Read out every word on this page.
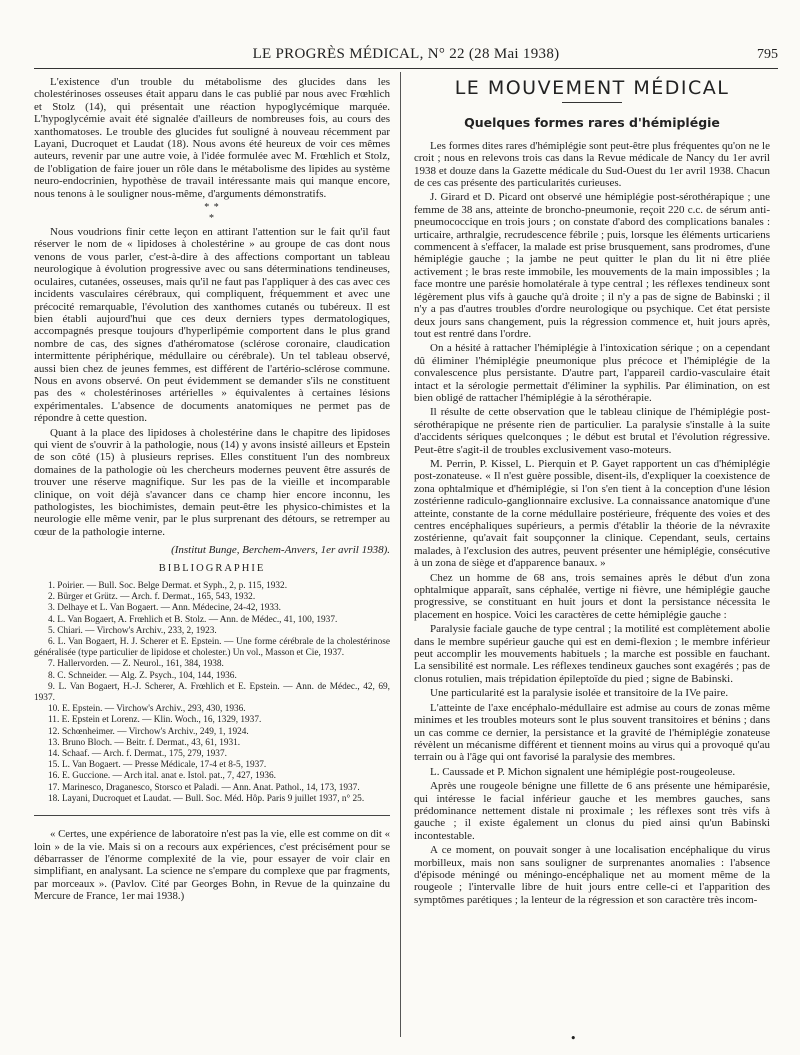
LE PROGRÈS MÉDICAL, N° 22 (28 Mai 1938)	795

L'existence d'un trouble du métabolisme des glucides dans les cholestérinoses osseuses était apparu dans le cas publié par nous avec Frœhlich et Stolz (14), qui présentait une réaction hypoglycémique marquée. L'hypoglycémie avait été signalée d'ailleurs de nombreuses fois, au cours des xanthomatoses. Le trouble des glucides fut souligné à nouveau récemment par Layani, Ducroquet et Laudat (18). Nous avons été heureux de voir ces mêmes auteurs, revenir par une autre voie, à l'idée formulée avec M. Frœhlich et Stolz, de l'obligation de faire jouer un rôle dans le métabolisme des lipides au système neuro-endocrinien, hypothèse de travail intéressante mais qui manque encore, nous tenons à le souligner nous-même, d'arguments démonstratifs.

* *
*

Nous voudrions finir cette leçon en attirant l'attention sur le fait qu'il faut réserver le nom de « lipidoses à cholestérine » au groupe de cas dont nous venons de vous parler, c'est-à-dire à des affections comportant un tableau neurologique à évolution progressive avec ou sans déterminations tendineuses, oculaires, cutanées, osseuses, mais qu'il ne faut pas l'appliquer à des cas avec ces incidents vasculaires cérébraux, qui compliquent, fréquemment et avec une précocité remarquable, l'évolution des xanthomes cutanés ou tubéreux. Il est bien établi aujourd'hui que ces deux derniers types dermatologiques, accompagnés presque toujours d'hyperlipémie comportent dans le plus grand nombre de cas, des signes d'athéromatose (sclérose coronaire, claudication intermittente périphérique, médullaire ou cérébrale). Un tel tableau observé, aussi bien chez de jeunes femmes, est différent de l'artério-sclérose commune. Nous en avons observé. On peut évidemment se demander s'ils ne constituent pas des « cholestérinoses artérielles » équivalentes à certaines lésions expérimentales. L'absence de documents anatomiques ne permet pas de répondre à cette question.

Quant à la place des lipidoses à cholestérine dans le chapitre des lipidoses qui vient de s'ouvrir à la pathologie, nous (14) y avons insisté ailleurs et Epstein de son côté (15) à plusieurs reprises. Elles constituent l'un des nombreux domaines de la pathologie où les chercheurs modernes peuvent être assurés de trouver une réserve magnifique. Sur les pas de la vieille et incomparable clinique, on voit déjà s'avancer dans ce champ hier encore inconnu, les pathologistes, les biochimistes, demain peut-être les physico-chimistes et la neurologie elle même venir, par le plus surprenant des détours, se retremper au cœur de la pathologie interne.

(Institut Bunge, Berchem-Anvers, 1er avril 1938).
BIBLIOGRAPHIE
1. Poirier. — Bull. Soc. Belge Dermat. et Syph., 2, p. 115, 1932.
2. Bürger et Grütz. — Arch. f. Dermat., 165, 543, 1932.
3. Delhaye et L. Van Bogaert. — Ann. Médecine, 24-42, 1933.
4. L. Van Bogaert, A. Frœhlich et B. Stolz. — Ann. de Médec., 41, 100, 1937.
5. Chiari. — Virchow's Archiv., 233, 2, 1923.
6. L. Van Bogaert, H. J. Scherer et E. Epstein. — Une forme cérébrale de la cholestérinose généralisée (type particulier de lipidose et cholester.) Un vol., Masson et Cie, 1937.
7. Hallervorden. — Z. Neurol., 161, 384, 1938.
8. C. Schneider. — Alg. Z. Psych., 104, 144, 1936.
9. L. Van Bogaert, H.-J. Scherer, A. Frœhlich et E. Epstein. — Ann. de Médec., 42, 69, 1937.
10. E. Epstein. — Virchow's Archiv., 293, 430, 1936.
11. E. Epstein et Lorenz. — Klin. Woch., 16, 1329, 1937.
12. Schœnheimer. — Virchow's Archiv., 249, 1, 1924.
13. Bruno Bloch. — Beitr. f. Dermat., 43, 61, 1931.
14. Schaaf. — Arch. f. Dermat., 175, 279, 1937.
15. L. Van Bogaert. — Presse Médicale, 17-4 et 8-5, 1937.
16. E. Guccione. — Arch ital. anat e. Istol. pat., 7, 427, 1936.
17. Marinesco, Draganesco, Storsco et Paladi. — Ann. Anat. Pathol., 14, 173, 1937.
18. Layani, Ducroquet et Laudat. — Bull. Soc. Méd. Hôp. Paris 9 juillet 1937, n° 25.

« Certes, une expérience de laboratoire n'est pas la vie, elle est comme on dit « loin » de la vie. Mais si on a recours aux expériences, c'est précisément pour se débarrasser de l'énorme complexité de la vie, pour essayer de voir clair en simplifiant, en analysant. La science ne s'empare du complexe que par fragments, par morceaux ». (Pavlov. Cité par Georges Bohn, in Revue de la quinzaine du Mercure de France, 1er mai 1938.)

LE MOUVEMENT MÉDICAL
Quelques formes rares d'hémiplégie

Les formes dites rares d'hémiplégie sont peut-être plus fréquentes qu'on ne le croit ; nous en relevons trois cas dans la Revue médicale de Nancy du 1er avril 1938 et douze dans la Gazette médicale du Sud-Ouest du 1er avril 1938. Chacun de ces cas présente des particularités curieuses.

J. Girard et D. Picard ont observé une hémiplégie post-sérothérapique ; une femme de 38 ans, atteinte de broncho-pneumonie, reçoit 220 c.c. de sérum anti-pneumococcique en trois jours ; on constate d'abord des complications banales : urticaire, arthralgie, recrudescence fébrile ; puis, lorsque les éléments urticariens commencent à s'effacer, la malade est prise brusquement, sans prodromes, d'une hémiplégie gauche ; la jambe ne peut quitter le plan du lit ni être pliée activement ; le bras reste immobile, les mouvements de la main impossibles ; la face montre une parésie homolatérale à type central ; les réflexes tendineux sont légèrement plus vifs à gauche qu'à droite ; il n'y a pas de signe de Babinski ; il n'y a pas d'autres troubles d'ordre neurologique ou psychique. Cet état persiste deux jours sans changement, puis la régression commence et, huit jours après, tout est rentré dans l'ordre.

On a hésité à rattacher l'hémiplégie à l'intoxication sérique ; on a cependant dû éliminer l'hémiplégie pneumonique plus précoce et l'hémiplégie de la convalescence plus persistante. D'autre part, l'appareil cardio-vasculaire était intact et la sérologie permettait d'éliminer la syphilis. Par élimination, on est bien obligé de rattacher l'hémiplégie à la sérothérapie.

Il résulte de cette observation que le tableau clinique de l'hémiplégie post-sérothérapique ne présente rien de particulier. La paralysie s'installe à la suite d'accidents sériques quelconques ; le début est brutal et l'évolution régressive. Peut-être s'agit-il de troubles exclusivement vaso-moteurs.

M. Perrin, P. Kissel, L. Pierquin et P. Gayet rapportent un cas d'hémiplégie post-zonateuse. « Il n'est guère possible, disent-ils, d'expliquer la coexistence de zona ophtalmique et d'hémiplégie, si l'on s'en tient à la conception d'une lésion zostérienne radiculo-ganglionnaire exclusive. La connaissance anatomique d'une atteinte, constante de la corne médullaire postérieure, fréquente des voies et des centres encéphaliques supérieurs, a permis d'établir la théorie de la névraxite zostérienne, qu'avait fait soupçonner la clinique. Cependant, seuls, certains malades, à l'exclusion des autres, peuvent présenter une hémiplégie, consécutive à un zona de siège et d'apparence banaux. »

Chez un homme de 68 ans, trois semaines après le début d'un zona ophtalmique apparaît, sans céphalée, vertige ni fièvre, une hémiplégie gauche progressive, se constituant en huit jours et dont la persistance nécessita le placement en hospice. Voici les caractères de cette hémiplégie gauche :

Paralysie faciale gauche de type central ; la motilité est complètement abolie dans le membre supérieur gauche qui est en demi-flexion ; le membre inférieur peut accomplir les mouvements habituels ; la marche est possible en fauchant. La sensibilité est normale. Les réflexes tendineux gauches sont exagérés ; pas de clonus rotulien, mais trépidation épileptoïde du pied ; signe de Babinski.

Une particularité est la paralysie isolée et transitoire de la IVe paire.

L'atteinte de l'axe encéphalo-médullaire est admise au cours de zonas même minimes et les troubles moteurs sont le plus souvent transitoires et bénins ; dans un cas comme ce dernier, la persistance et la gravité de l'hémiplégie zonateuse révèlent un mécanisme différent et tiennent moins au virus qui a provoqué qu'au terrain ou à l'âge qui ont favorisé la paralysie des membres.

L. Caussade et P. Michon signalent une hémiplégie post-rougeoleuse.

Après une rougeole bénigne une fillette de 6 ans présente une hémiparésie, qui intéresse le facial inférieur gauche et les membres gauches, sans prédominance nettement distale ni proximale ; les réflexes sont très vifs à gauche ; il existe également un clonus du pied ainsi qu'un Babinski incontestable.

A ce moment, on pouvait songer à une localisation encéphalique du virus morbilleux, mais non sans souligner de surprenantes anomalies : l'absence d'épisode méningé ou méningo-encéphalique net au moment même de la rougeole ; l'intervalle libre de huit jours entre celle-ci et l'apparition des symptômes parétiques ; la lenteur de la régression et son caractère très incom-

•
